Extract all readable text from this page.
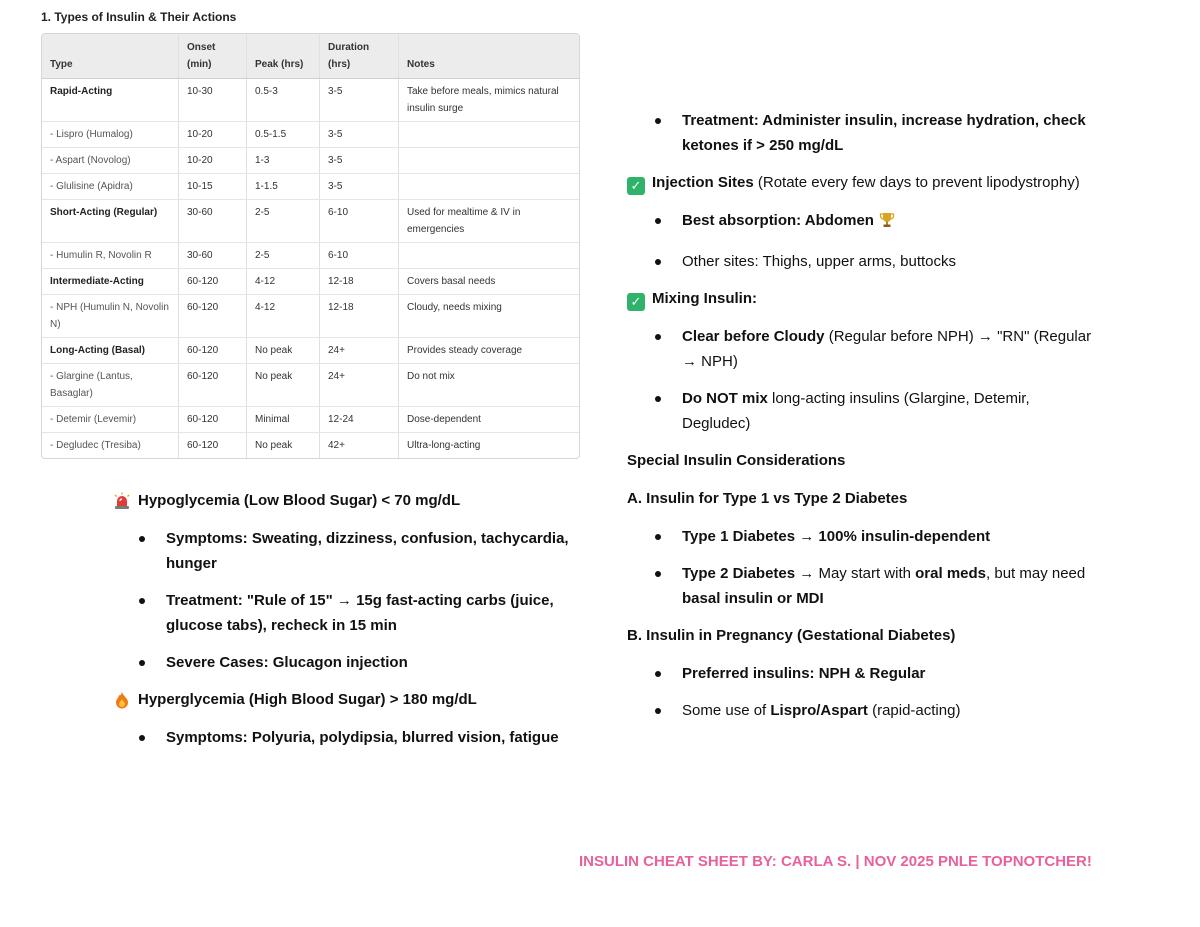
1. Types of Insulin & Their Actions
Type	Onset (min)	Peak (hrs)	Duration (hrs)	Notes
Rapid-Acting	10-30	0.5-3	3-5	Take before meals, mimics natural insulin surge
- Lispro (Humalog)	10-20	0.5-1.5	3-5	
- Aspart (Novolog)	10-20	1-3	3-5	
- Glulisine (Apidra)	10-15	1-1.5	3-5	
Short-Acting (Regular)	30-60	2-5	6-10	Used for mealtime & IV in emergencies
- Humulin R, Novolin R	30-60	2-5	6-10	
Intermediate-Acting	60-120	4-12	12-18	Covers basal needs
- NPH (Humulin N, Novolin N)	60-120	4-12	12-18	Cloudy, needs mixing
Long-Acting (Basal)	60-120	No peak	24+	Provides steady coverage
- Glargine (Lantus, Basaglar)	60-120	No peak	24+	Do not mix
- Detemir (Levemir)	60-120	Minimal	12-24	Dose-dependent
- Degludec (Tresiba)	60-120	No peak	42+	Ultra-long-acting
Hypoglycemia (Low Blood Sugar) < 70 mg/dL
Symptoms: Sweating, dizziness, confusion, tachycardia, hunger
Treatment: "Rule of 15" → 15g fast-acting carbs (juice, glucose tabs), recheck in 15 min
Severe Cases: Glucagon injection
Hyperglycemia (High Blood Sugar) > 180 mg/dL
Symptoms: Polyuria, polydipsia, blurred vision, fatigue
Treatment: Administer insulin, increase hydration, check ketones if > 250 mg/dL
✓ Injection Sites (Rotate every few days to prevent lipodystrophy)
Best absorption: Abdomen
Other sites: Thighs, upper arms, buttocks
✓ Mixing Insulin:
Clear before Cloudy (Regular before NPH) → "RN" (Regular → NPH)
Do NOT mix long-acting insulins (Glargine, Detemir, Degludec)
Special Insulin Considerations
A. Insulin for Type 1 vs Type 2 Diabetes
Type 1 Diabetes → 100% insulin-dependent
Type 2 Diabetes → May start with oral meds, but may need basal insulin or MDI
B. Insulin in Pregnancy (Gestational Diabetes)
Preferred insulins: NPH & Regular
Some use of Lispro/Aspart (rapid-acting)
INSULIN CHEAT SHEET BY: CARLA S. | NOV 2025 PNLE TOPNOTCHER!
